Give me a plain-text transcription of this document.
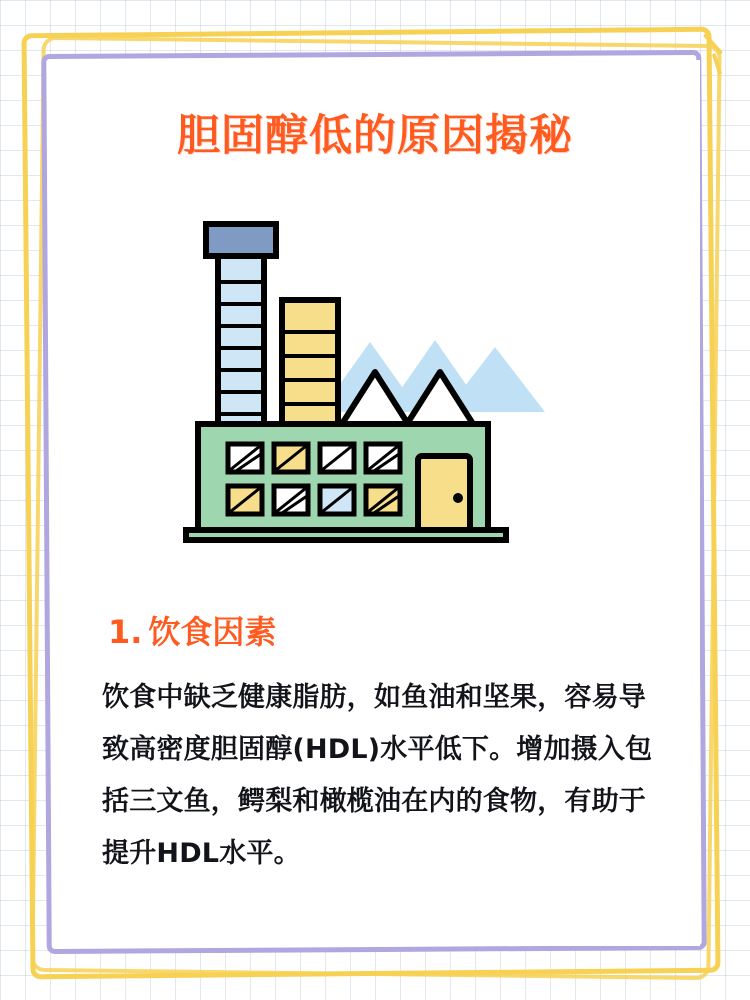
胆固醇低的原因揭秘
1. 饮食因素
饮食中缺乏健康脂肪，如鱼油和坚果，容易导致高密度胆固醇(HDL)水平低下。增加摄入包括三文鱼，鳄梨和橄榄油在内的食物，有助于提升HDL水平。
